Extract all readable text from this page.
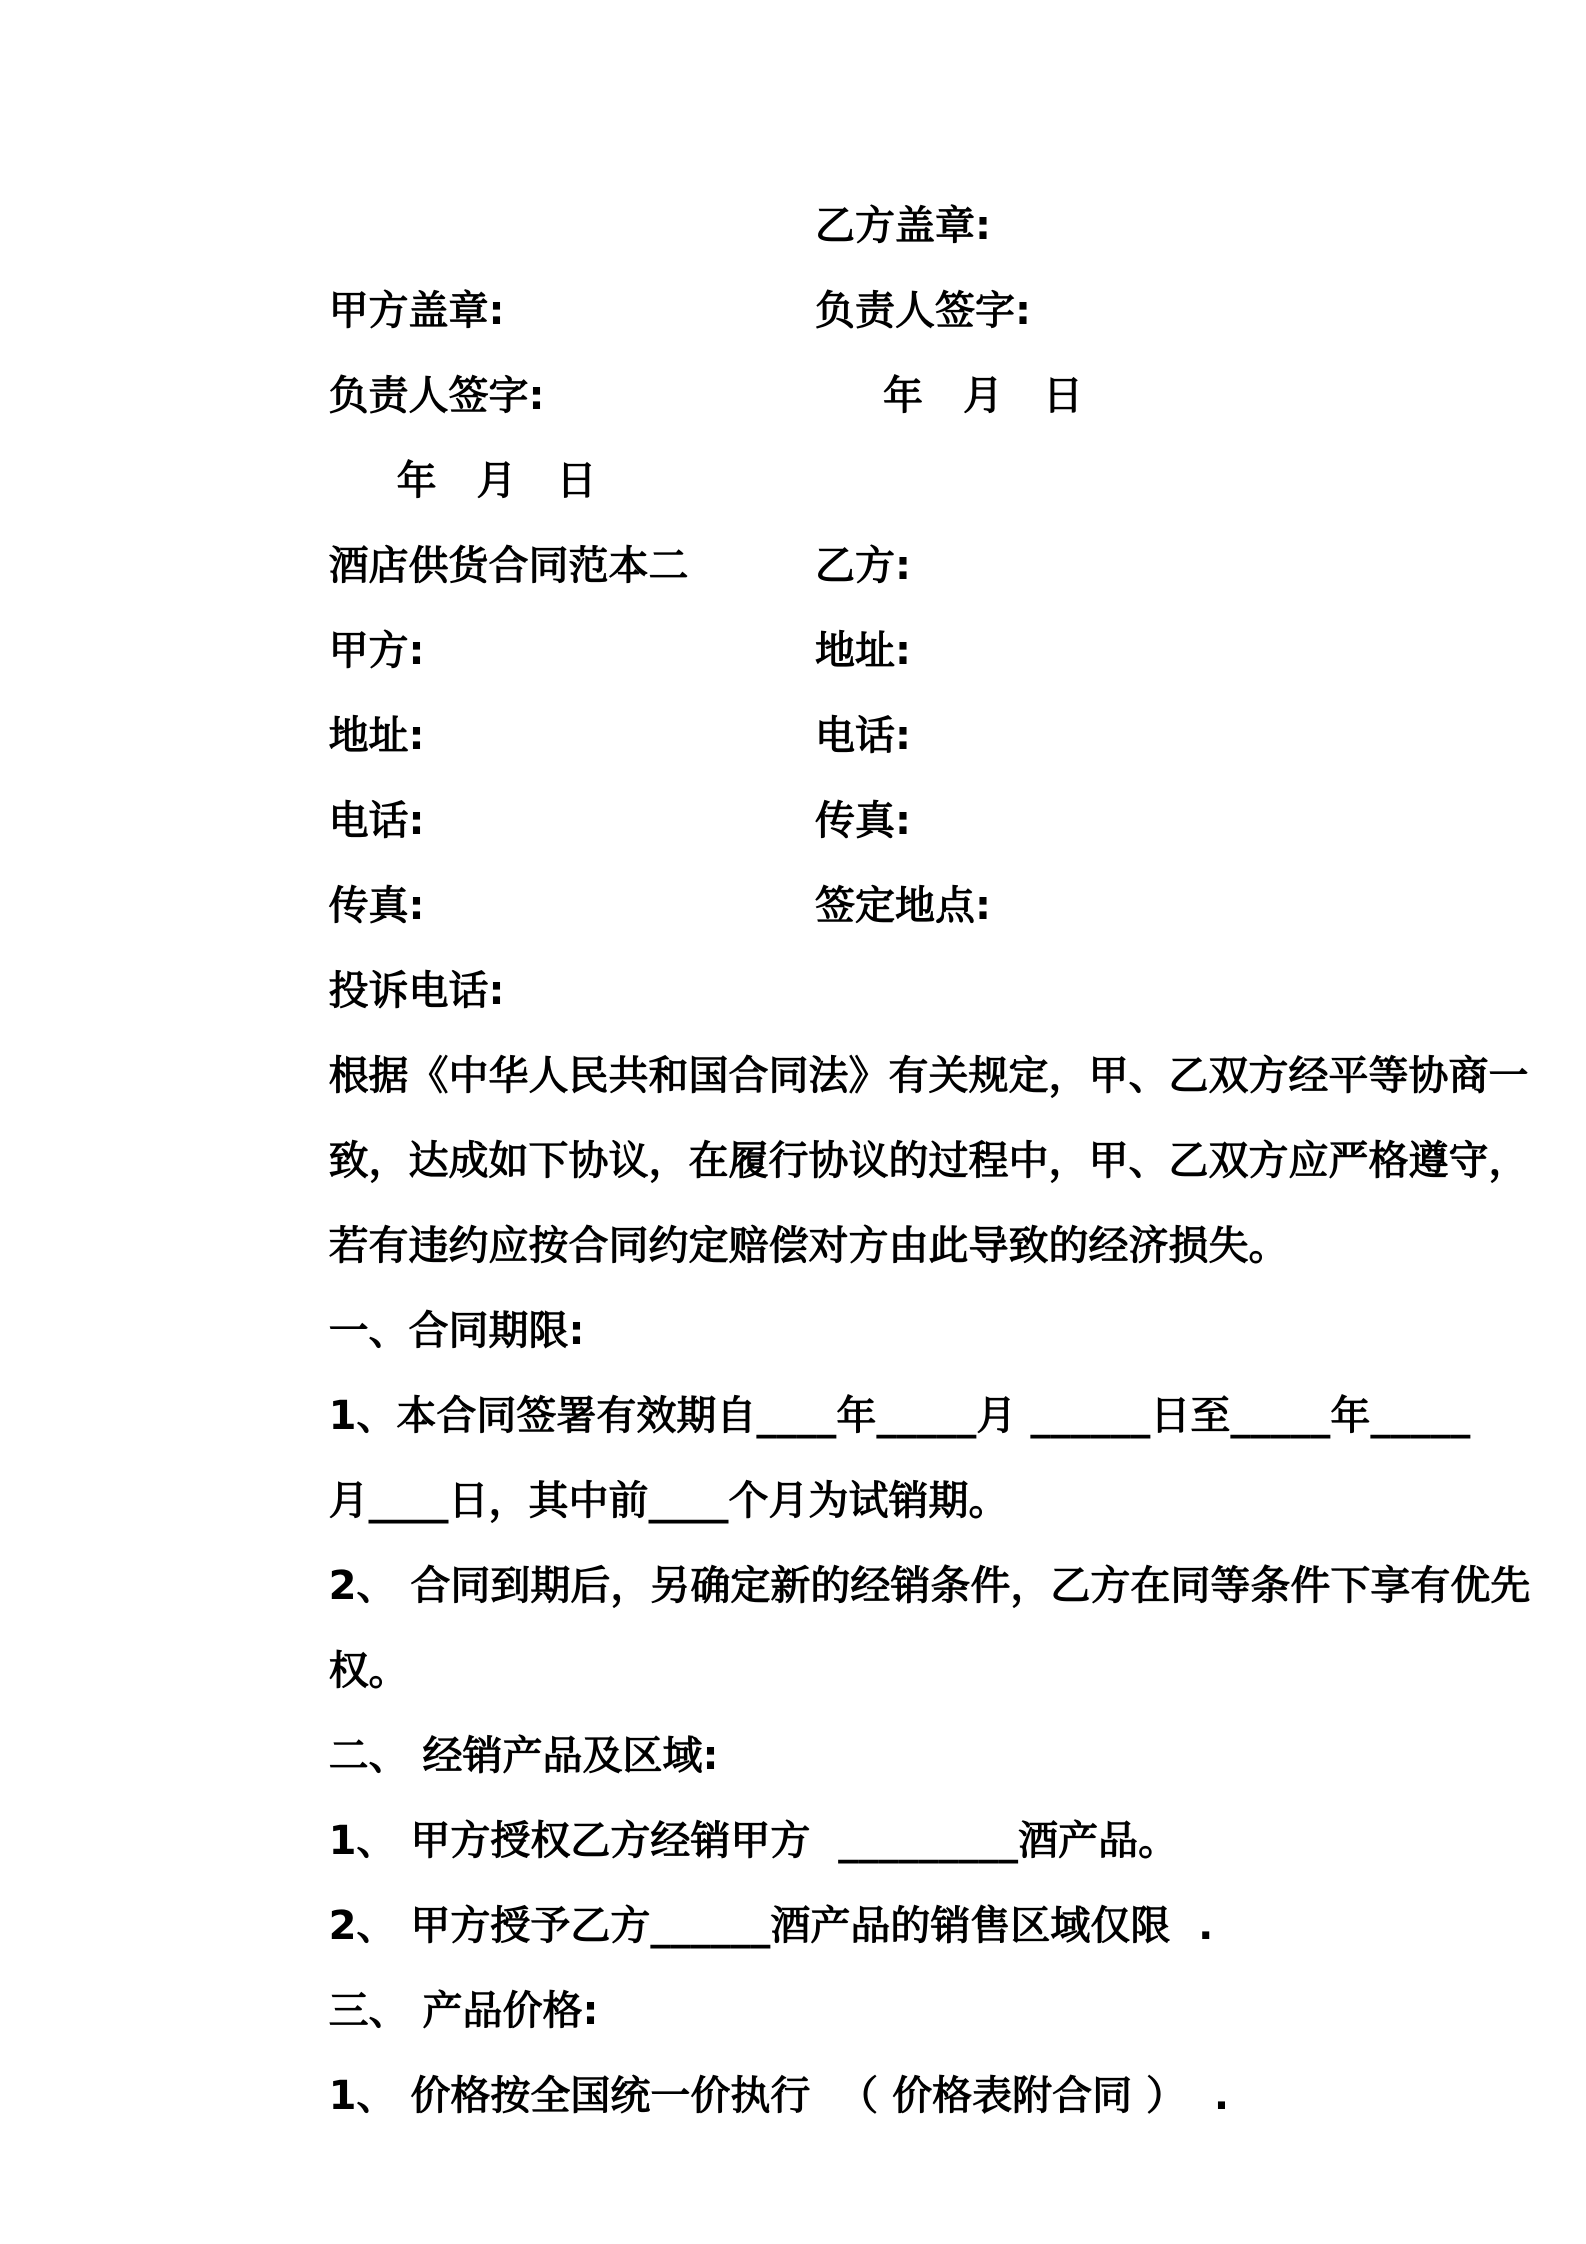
甲方盖章:

乙方盖章:

负责人签字:

负责人签字:

年　月　日

年　月　日

酒店供货合同范本二

甲方:

乙方:

地址:

地址:

电话:

电话:

传真:

传真:

投诉电话:

签定地点:

根据《中华人民共和国合同法》有关规定，甲、乙双方经平等协商一

致，达成如下协议，在履行协议的过程中，甲、乙双方应严格遵守，

若有违约应按合同约定赔偿对方由此导致的经济损失。

一、合同期限:

1、本合同签署有效期自____年_____月 ______日至_____年_____

月____日，其中前____个月为试销期。

2、 合同到期后，另确定新的经销条件，乙方在同等条件下享有优先

权。

二、 经销产品及区域:

1、 甲方授权乙方经销甲方  _________酒产品。

2、 甲方授予乙方______酒产品的销售区域仅限  .

三、 产品价格:

1、 价格按全国统一价执行  （ 价格表附合同 ）  .
